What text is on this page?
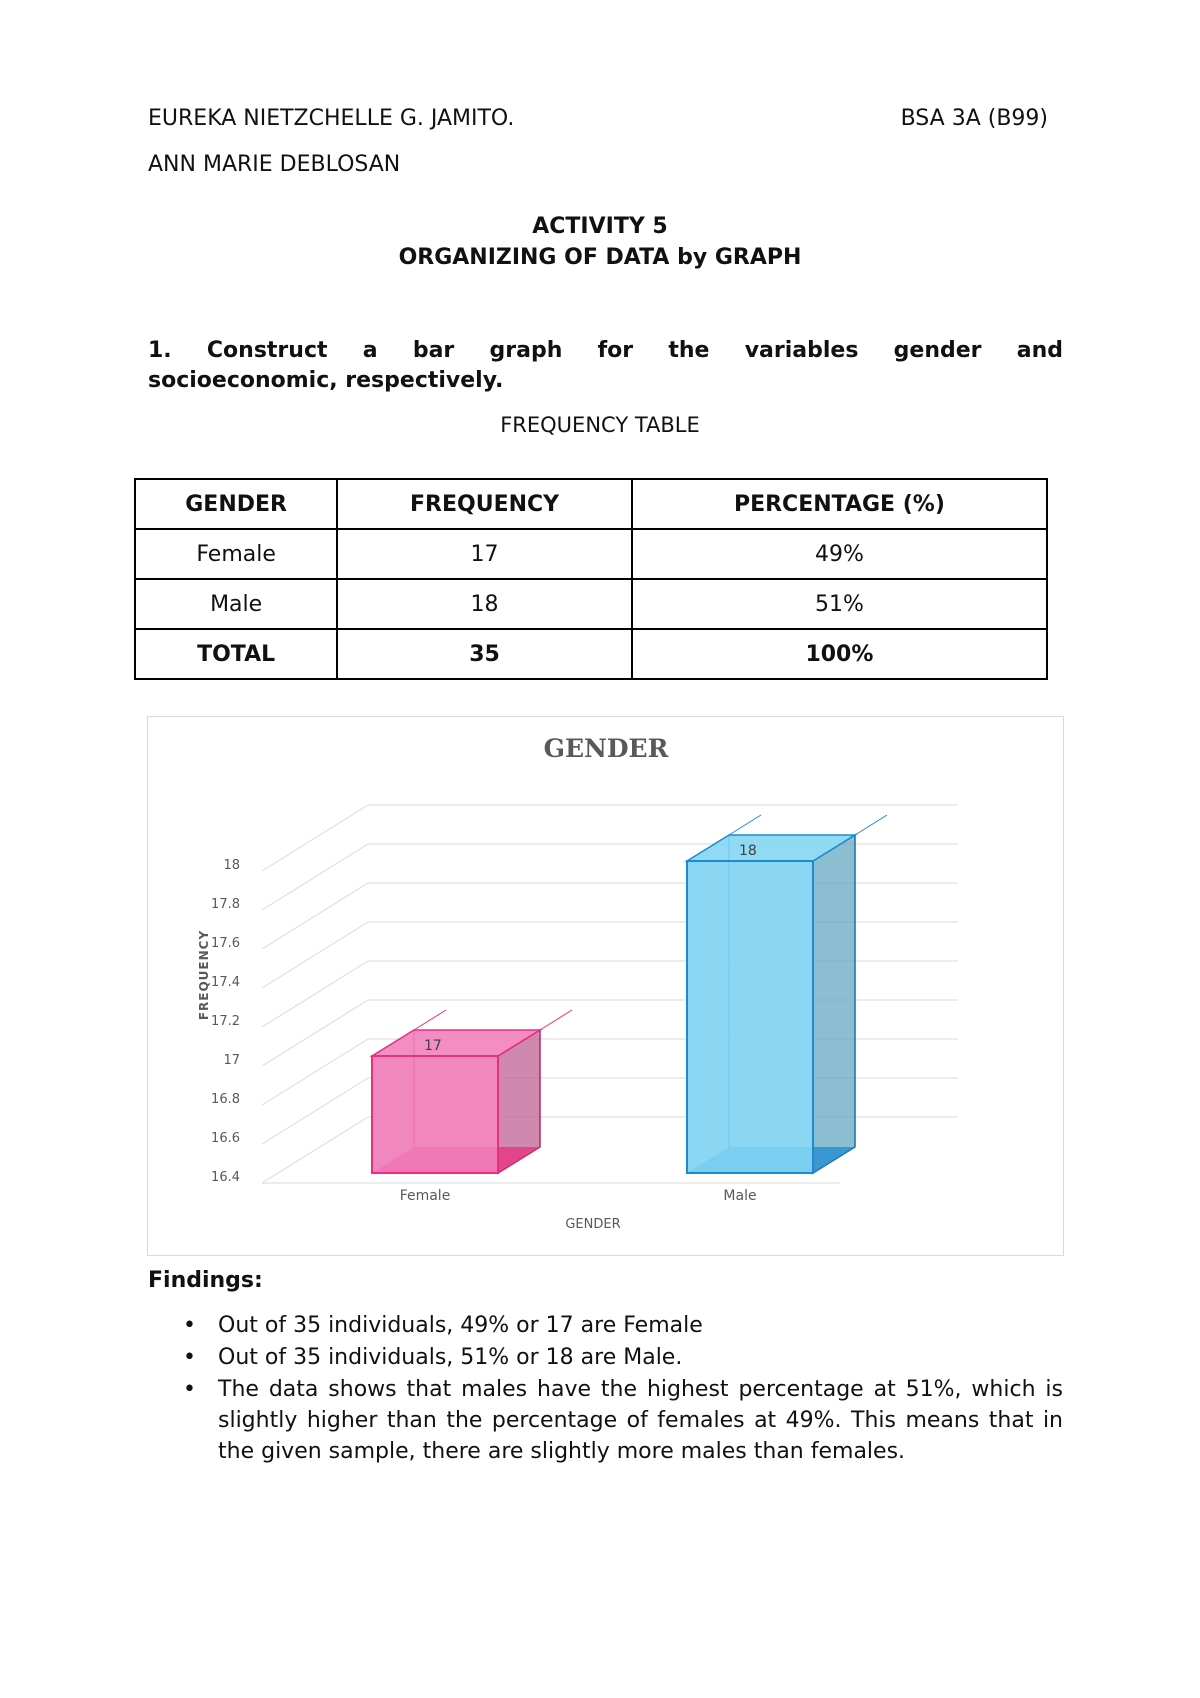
EUREKA NIETZCHELLE G. JAMITO.	BSA 3A (B99)
ANN MARIE DEBLOSAN
ACTIVITY 5
ORGANIZING OF DATA by GRAPH
1. Construct a bar graph for the variables gender and
socioeconomic, respectively.
FREQUENCY TABLE
GENDER	FREQUENCY	PERCENTAGE (%)
Female	17	49%
Male	18	51%
TOTAL	35	100%
GENDER
16.4
16.6
16.8
17
17.2
17.4
17.6
17.8
18
FREQUENCY
GENDER
17
Female
18
Male
Findings:
• Out of 35 individuals, 49% or 17 are Female
• Out of 35 individuals, 51% or 18 are Male.
• The data shows that males have the highest percentage at 51%, which is slightly higher than the percentage of females at 49%. This means that in the given sample, there are slightly more males than females.
